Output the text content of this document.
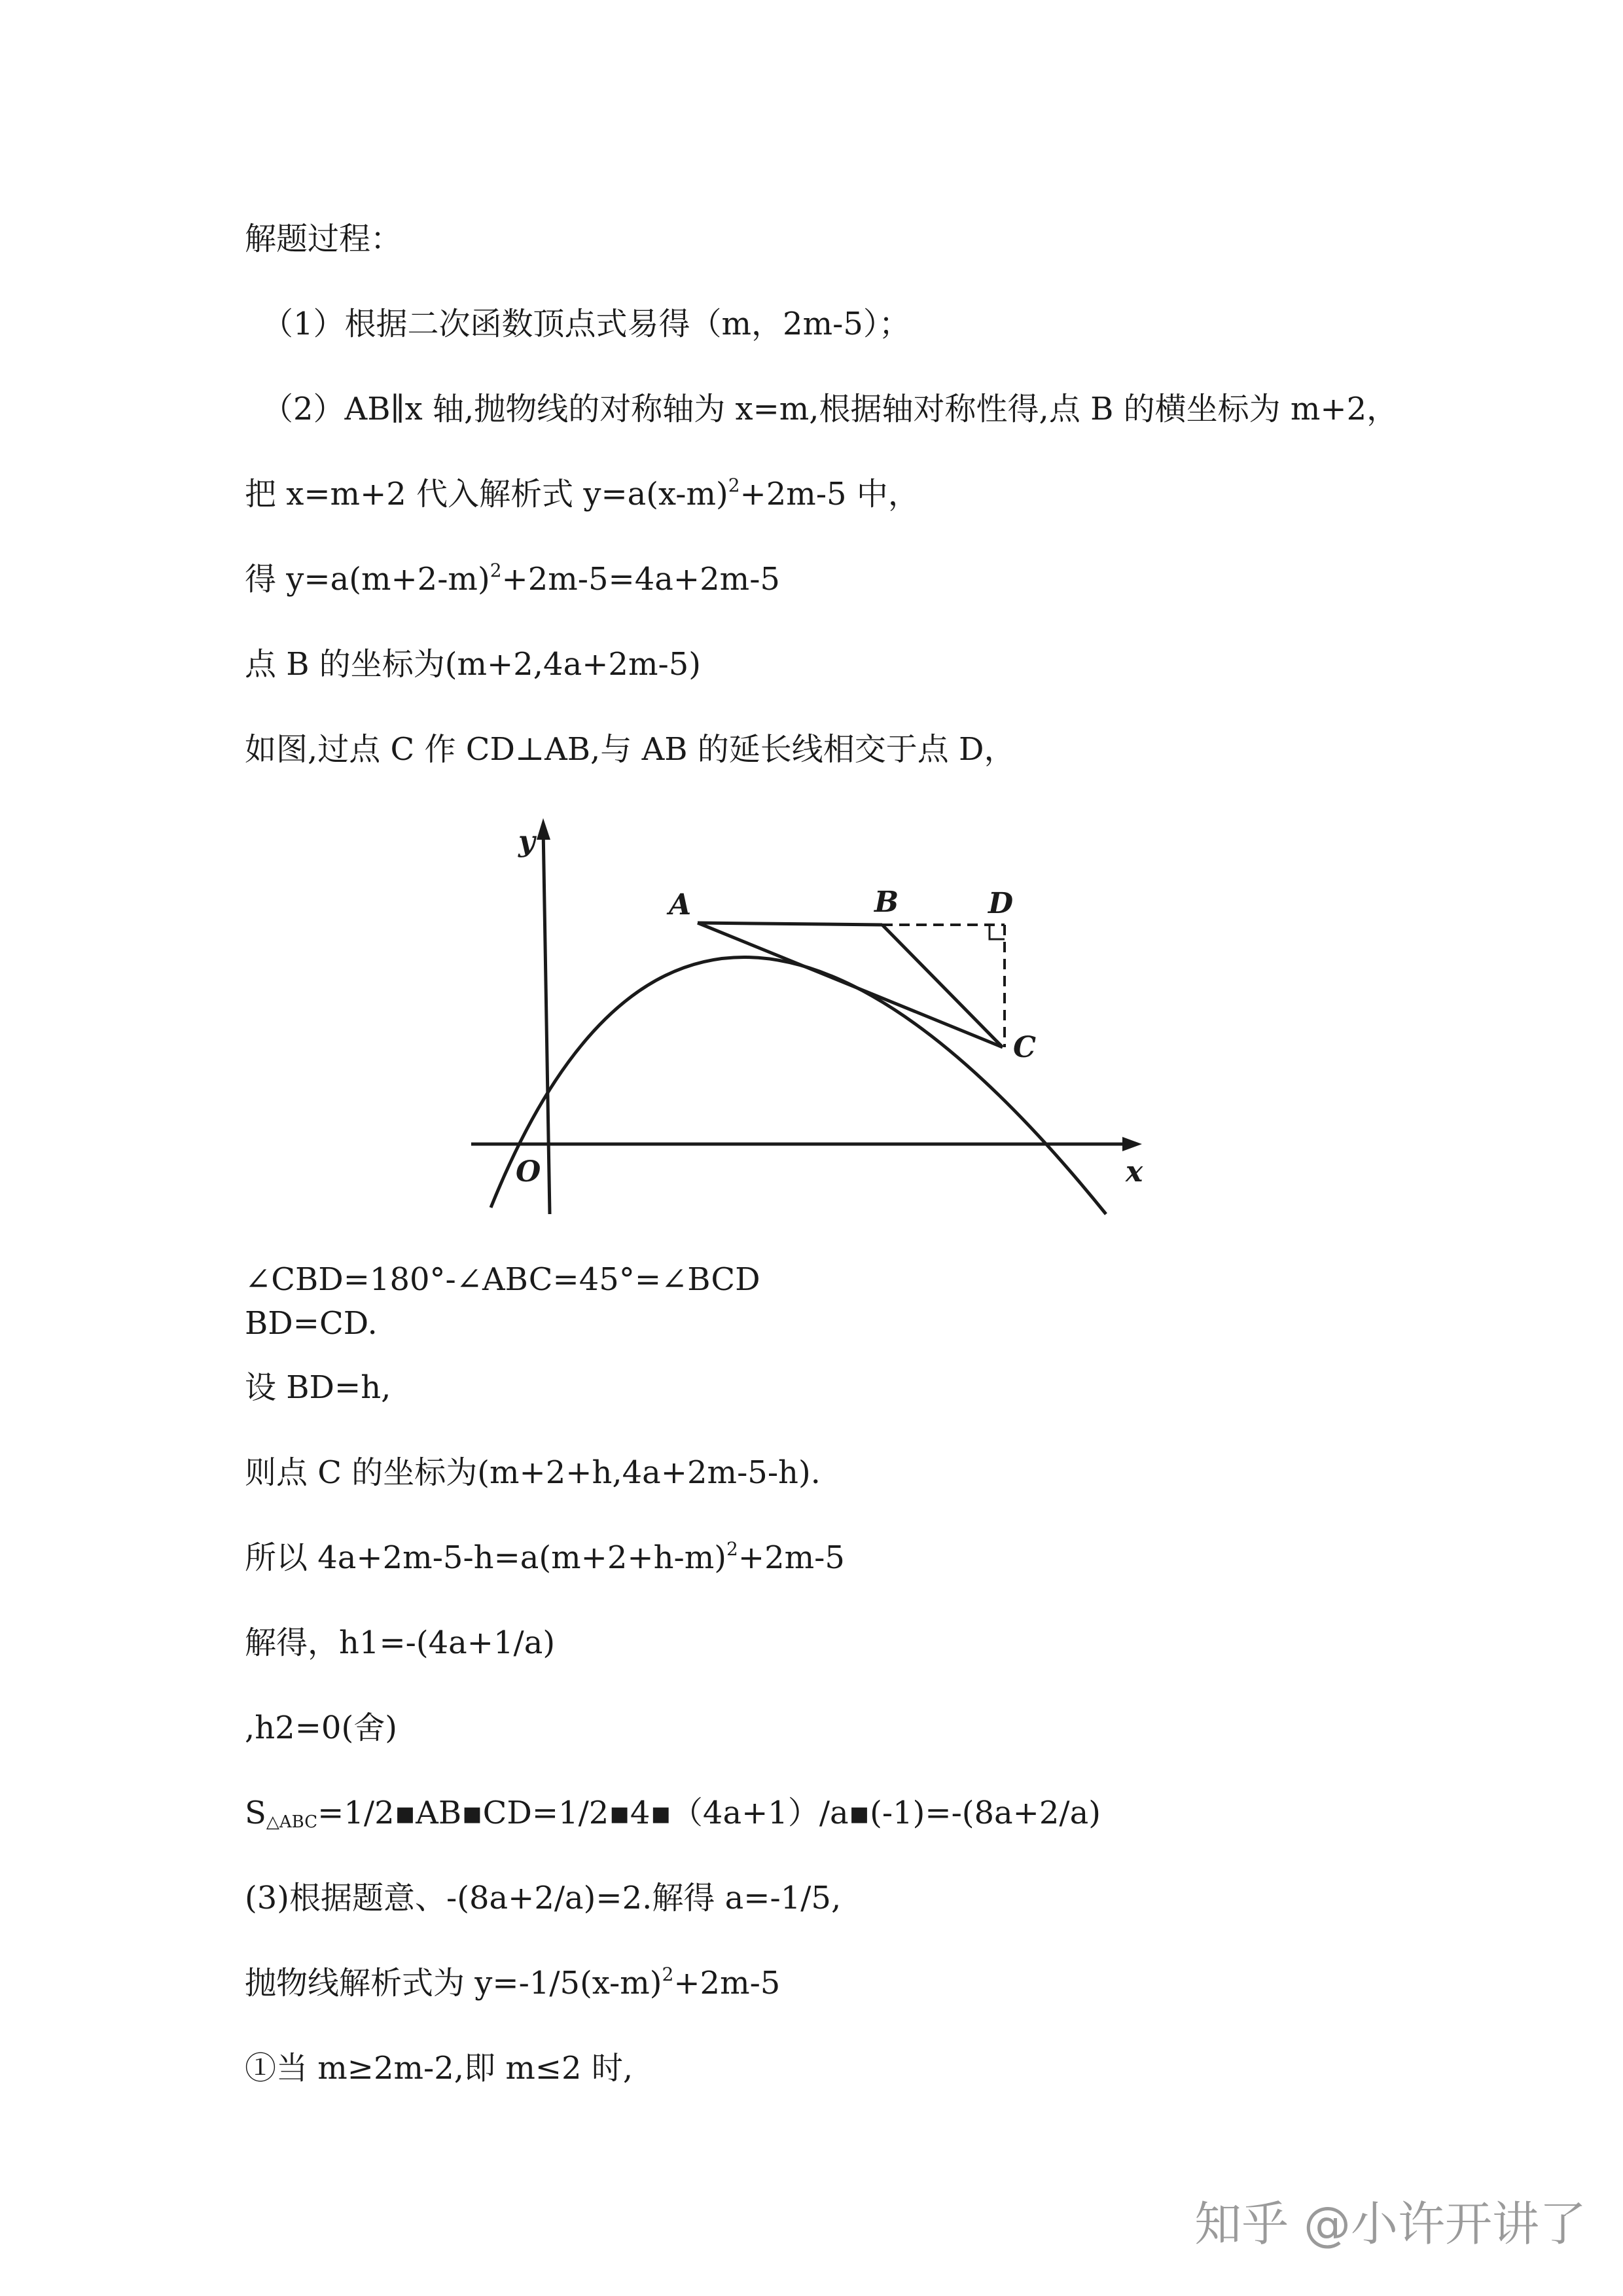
解题过程：
（1）根据二次函数顶点式易得（m，2m-5）；
（2）AB∥x 轴,抛物线的对称轴为 x=m,根据轴对称性得,点 B 的横坐标为 m+2，
把 x=m+2 代入解析式 $y=a(x-m)^2+2m-5$ 中，
得 $y=a(m+2-m)^2+2m-5=4a+2m-5$
点 B 的坐标为(m+2,4a+2m-5)
如图,过点 C 作 CD⊥AB,与 AB 的延长线相交于点 D，
y
x
O
A	B
C
D
∠CBD=180°-∠ABC=45°=∠BCD
BD=CD.
设 BD=h,
则点 C 的坐标为(m+2+h,4a+2m-5-h).
所以 $4a+2m-5-h=a(m+2+h-m)^2+2m-5$
解得，h1=-(4a+1/a)
,h2=0(舍)
$S_{\triangle ABC}=1/2▪AB▪CD=1/2▪4▪(4a+1)/a▪(-1)=-(8a+2/a)$
(3)根据题意、-(8a+2/a)=2.解得 a=-1/5,
抛物线解析式为 $y=-1/5(x-m)^2+2m-5$
①当 m≥2m-2,即 m≤2 时,
知乎 @小许开讲了
